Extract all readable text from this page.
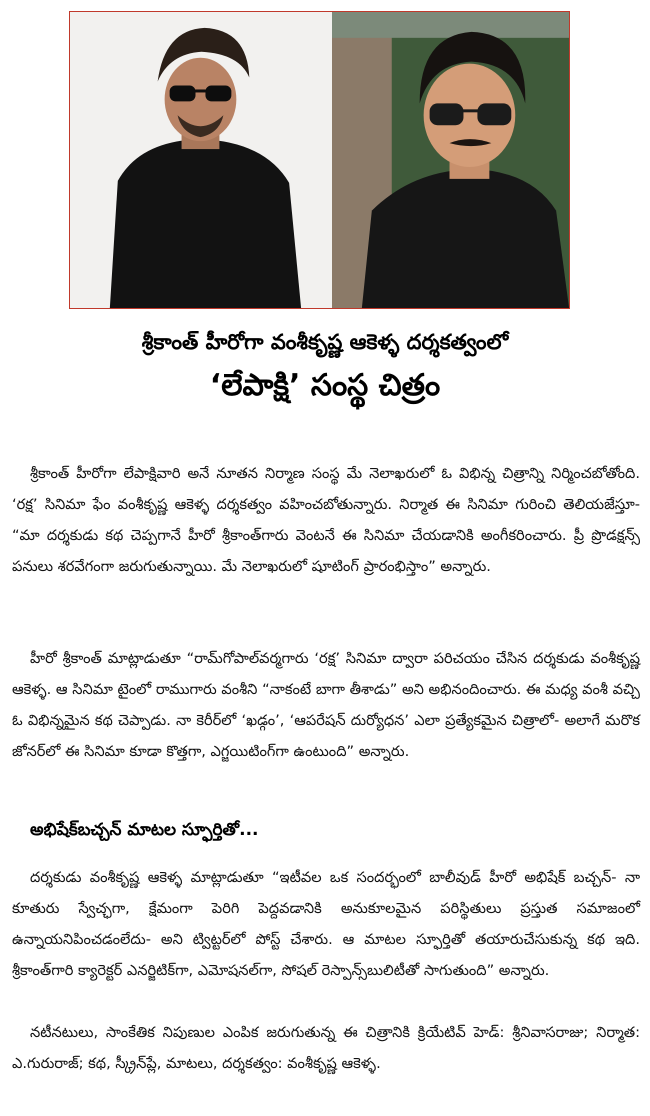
శ్రీకాంత్ హీరోగా వంశీకృష్ణ ఆకెళ్ళ దర్శకత్వంలో
‘లేపాక్షి’ సంస్థ చిత్రం

శ్రీకాంత్ హీరోగా లేపాక్షివారి అనే నూతన నిర్మాణ సంస్థ మే నెలాఖరులో ఓ విభిన్న చిత్రాన్ని నిర్మించబోతోంది. ‘రక్ష’ సినిమా ఫేం వంశీకృష్ణ ఆకెళ్ళ దర్శకత్వం వహించబోతున్నారు. నిర్మాత ఈ సినిమా గురించి తెలియజేస్తూ- “మా దర్శకుడు కథ చెప్పగానే హీరో శ్రీకాంత్‌గారు వెంటనే ఈ సినిమా చేయడానికి అంగీకరించారు. ప్రీ ప్రొడక్షన్స్ పనులు శరవేగంగా జరుగుతున్నాయి. మే నెలాఖరులో షూటింగ్ ప్రారంభిస్తాం” అన్నారు.

హీరో శ్రీకాంత్ మాట్లాడుతూ “రామ్‌గోపాల్‌వర్మగారు ‘రక్ష’ సినిమా ద్వారా పరిచయం చేసిన దర్శకుడు వంశీకృష్ణ ఆకెళ్ళ. ఆ సినిమా టైంలో రాముగారు వంశీని “నాకంటే బాగా తీశాడు” అని అభినందించారు. ఈ మధ్య వంశీ వచ్చి ఓ విభిన్నమైన కథ చెప్పాడు. నా కెరీర్‌లో ‘ఖడ్గం’, ‘ఆపరేషన్ దుర్యోధన’ ఎలా ప్రత్యేకమైన చిత్రాలో- అలాగే మరొక జోనర్‌లో ఈ సినిమా కూడా కొత్తగా, ఎగ్జయిటింగ్‌గా ఉంటుంది” అన్నారు.

అభిషేక్‌బచ్చన్ మాటల స్ఫూర్తితో...

దర్శకుడు వంశీకృష్ణ ఆకెళ్ళ మాట్లాడుతూ “ఇటీవల ఒక సందర్భంలో బాలీవుడ్ హీరో అభిషేక్ బచ్చన్- నా కూతురు స్వేచ్ఛగా, క్షేమంగా పెరిగి పెద్దవడానికి అనుకూలమైన పరిస్థితులు ప్రస్తుత సమాజంలో ఉన్నాయనిపించడంలేదు- అని ట్విట్టర్‌లో పోస్ట్ చేశారు. ఆ మాటల స్ఫూర్తితో తయారుచేసుకున్న కథ ఇది. శ్రీకాంత్‌గారి క్యారెక్టర్ ఎనర్జిటిక్‌గా, ఎమోషనల్‌గా, సోషల్ రెస్పాన్స్‌బులిటీతో సాగుతుంది” అన్నారు.

నటీనటులు, సాంకేతిక నిపుణుల ఎంపిక జరుగుతున్న ఈ చిత్రానికి క్రియేటివ్ హెడ్: శ్రీనివాసరాజు; నిర్మాత: ఎ.గురురాజ్; కథ, స్క్రీన్‌ప్లే, మాటలు, దర్శకత్వం: వంశీకృష్ణ ఆకెళ్ళ.
